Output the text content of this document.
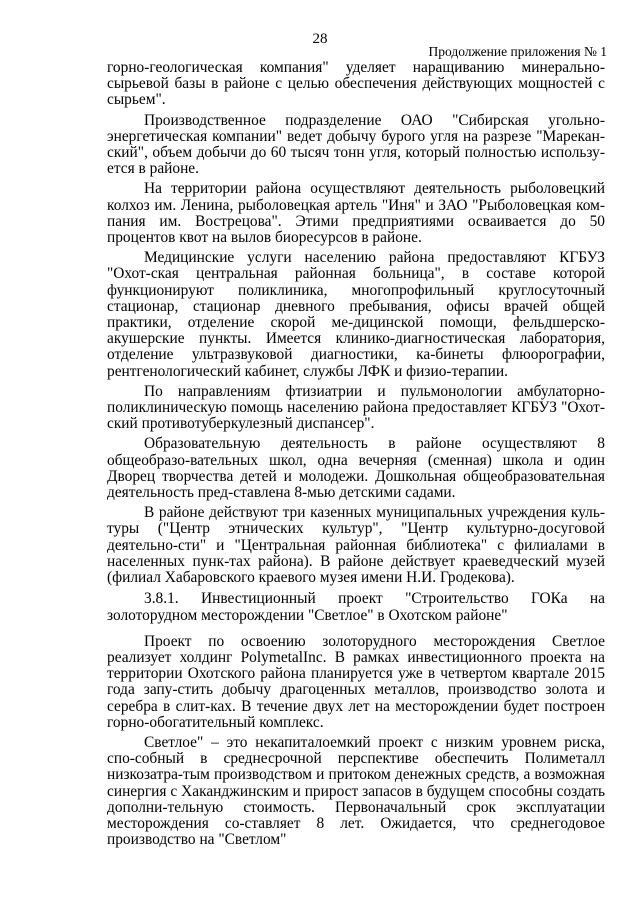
28
Продолжение приложения № 1

горно-геологическая компания" уделяет наращиванию минерально-сырьевой базы в районе с целью обеспечения действующих мощностей с сырьем".

Производственное подразделение ОАО "Сибирская угольно-энергетическая компании" ведет добычу бурого угля на разрезе "Марекан-ский", объем добычи до 60 тысяч тонн угля, который полностью использу-ется в районе.

На территории района осуществляют деятельность рыболовецкий колхоз им. Ленина, рыболовецкая артель "Иня" и ЗАО "Рыболовецкая ком-пания им. Вострецова". Этими предприятиями осваивается до 50 процентов квот на вылов биоресурсов в районе.

Медицинские услуги населению района предоставляют КГБУЗ "Охот-ская центральная районная больница", в составе которой функционируют поликлиника, многопрофильный круглосуточный стационар, стационар дневного пребывания, офисы врачей общей практики, отделение скорой ме-дицинской помощи, фельдшерско-акушерские пункты. Имеется клинико-диагностическая лаборатория, отделение ультразвуковой диагностики, ка-бинеты флюорографии, рентгенологический кабинет, службы ЛФК и физио-терапии.

По направлениям фтизиатрии и пульмонологии амбулаторно-поликлиническую помощь населению района предоставляет КГБУЗ "Охот-ский противотуберкулезный диспансер".

Образовательную деятельность в районе осуществляют 8 общеобразо-вательных школ, одна вечерняя (сменная) школа и один Дворец творчества детей и молодежи. Дошкольная общеобразовательная деятельность пред-ставлена 8-мью детскими садами.

В районе действуют три казенных муниципальных учреждения куль-туры ("Центр этнических культур", "Центр культурно-досуговой деятельно-сти" и "Центральная районная библиотека" с филиалами в населенных пунк-тах района). В районе действует краеведческий музей (филиал Хабаровского краевого музея имени Н.И. Гродекова).

3.8.1. Инвестиционный проект "Строительство ГОКа на золоторудном месторождении "Светлое" в Охотском районе"

Проект по освоению золоторудного месторождения Светлое реализует холдинг PolymetalInc. В рамках инвестиционного проекта на территории Охотского района планируется уже в четвертом квартале 2015 года запу-стить добычу драгоценных металлов, производство золота и серебра в слит-ках. В течение двух лет на месторождении будет построен горно-обогатительный комплекс.

Светлое" – это некапиталоемкий проект с низким уровнем риска, спо-собный в среднесрочной перспективе обеспечить Полиметалл низкозатра-тым производством и притоком денежных средств, а возможная синергия с Хаканджинским и прирост запасов в будущем способны создать дополни-тельную стоимость. Первоначальный срок эксплуатации месторождения со-ставляет 8 лет. Ожидается, что среднегодовое производство на "Светлом"
